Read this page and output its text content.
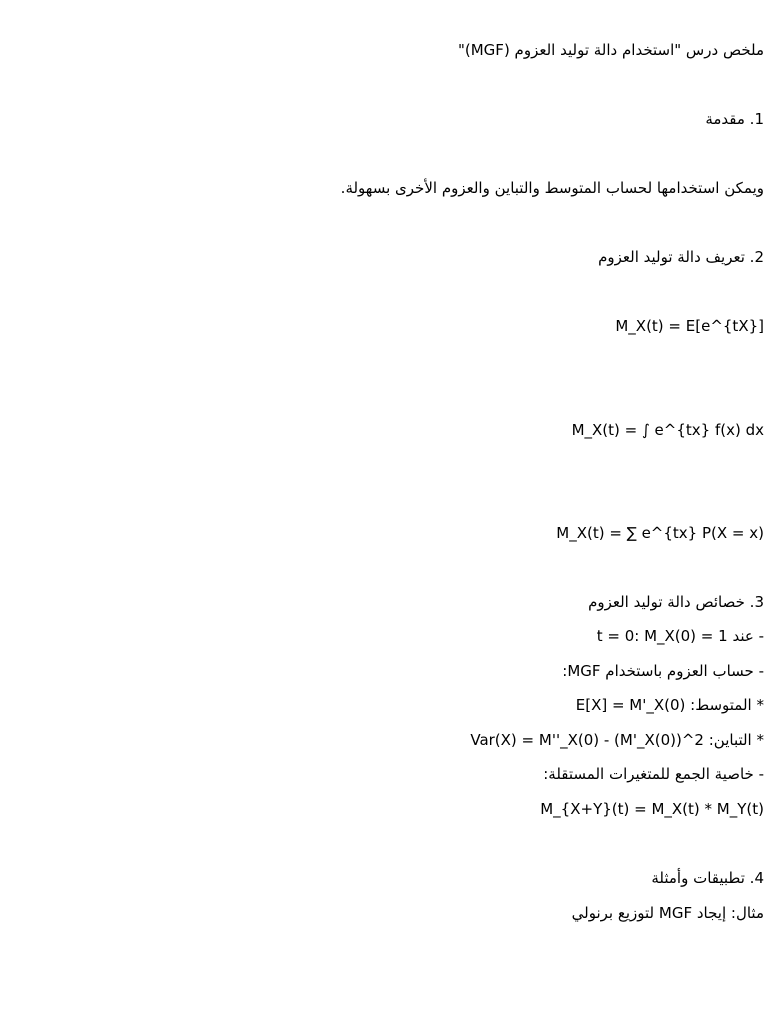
ملخص درس "استخدام دالة توليد العزوم (MGF)"
1. مقدمة
ويمكن استخدامها لحساب المتوسط والتباين والعزوم الأخرى بسهولة.
2. تعريف دالة توليد العزوم
M_X(t) = E[e^{tX}]
M_X(t) = ∫ e^{tx} f(x) dx
M_X(t) = ∑ e^{tx} P(X = x)
3. خصائص دالة توليد العزوم
- عند t = 0: M_X(0) = 1
- حساب العزوم باستخدام MGF:
* المتوسط: E[X] = M'_X(0)
* التباين: Var(X) = M''_X(0) - (M'_X(0))^2
- خاصية الجمع للمتغيرات المستقلة:
M_{X+Y}(t) = M_X(t) * M_Y(t)
4. تطبيقات وأمثلة
مثال: إيجاد MGF لتوزيع برنولي
